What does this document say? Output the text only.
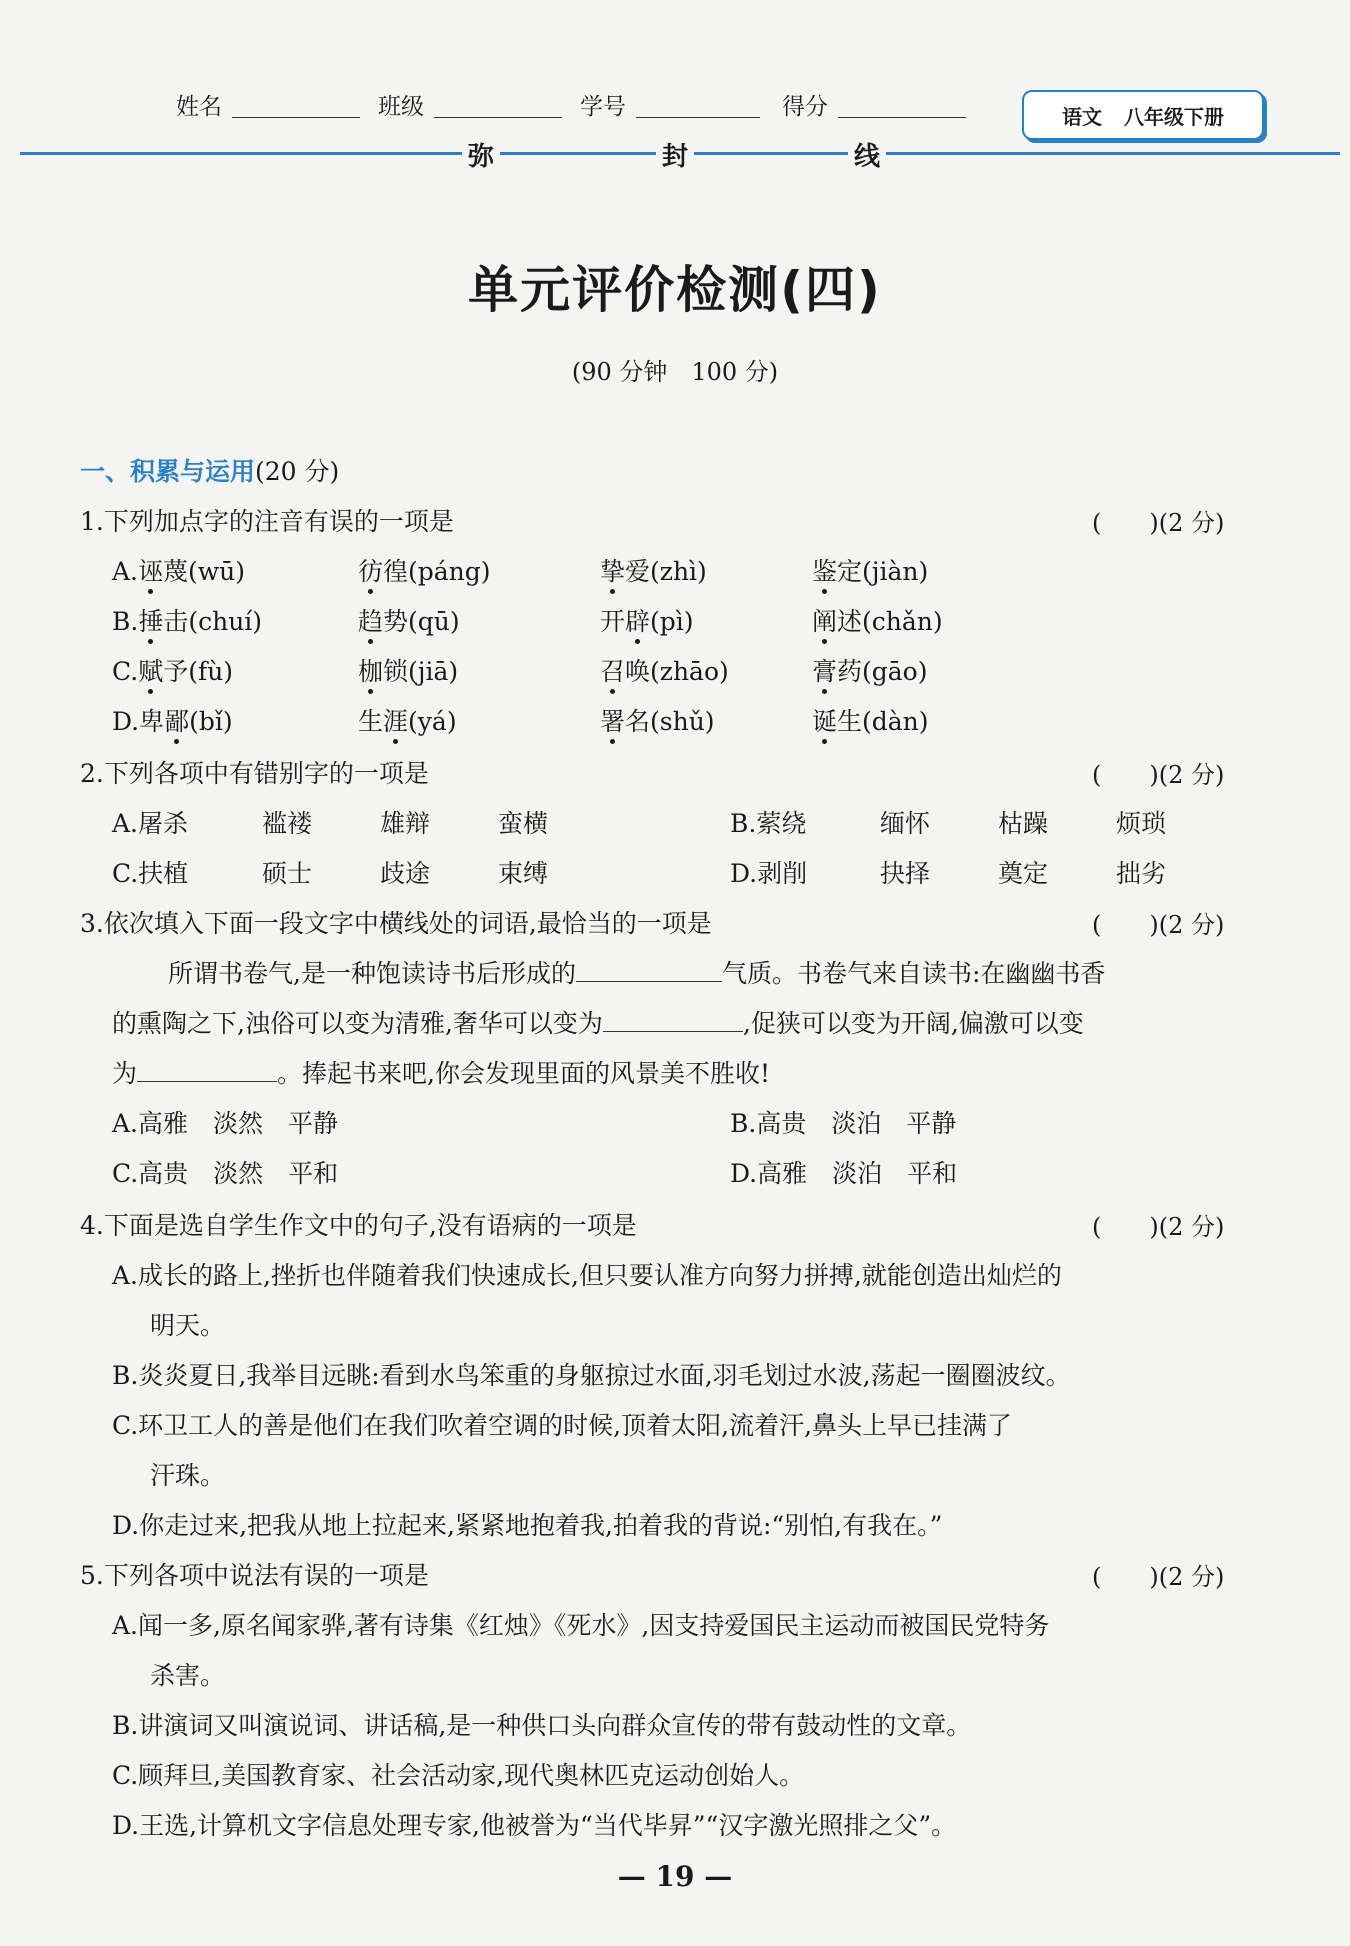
姓名	班级	学号	得分	语文 八年级下册
弥	封	线
单元评价检测(四)
(90 分钟　100 分)
一、积累与运用(20 分)
1.下列加点字的注音有误的一项是	(　　)(2 分)
A.诬蔑(wū)	彷徨(páng)	挚爱(zhì)	鉴定(jiàn)
B.捶击(chuí)	趋势(qū)	开辟(pì)	阐述(chǎn)
C.赋予(fù)	枷锁(jiā)	召唤(zhāo)	膏药(gāo)
D.卑鄙(bǐ)	生涯(yá)	署名(shǔ)	诞生(dàn)
2.下列各项中有错别字的一项是	(　　)(2 分)
A.屠杀	褴褛	雄辩	蛮横	B.萦绕	缅怀	枯躁	烦琐
C.扶植	硕士	歧途	束缚	D.剥削	抉择	奠定	拙劣
3.依次填入下面一段文字中横线处的词语,最恰当的一项是	(　　)(2 分)
所谓书卷气,是一种饱读诗书后形成的	气质。书卷气来自读书:在幽幽书香
的熏陶之下,浊俗可以变为清雅,奢华可以变为	,促狭可以变为开阔,偏激可以变
为	。捧起书来吧,你会发现里面的风景美不胜收!
A.高雅　淡然　平静	B.高贵　淡泊　平静
C.高贵　淡然　平和	D.高雅　淡泊　平和
4.下面是选自学生作文中的句子,没有语病的一项是	(　　)(2 分)
A.成长的路上,挫折也伴随着我们快速成长,但只要认准方向努力拼搏,就能创造出灿烂的
明天。
B.炎炎夏日,我举目远眺:看到水鸟笨重的身躯掠过水面,羽毛划过水波,荡起一圈圈波纹。
C.环卫工人的善是他们在我们吹着空调的时候,顶着太阳,流着汗,鼻头上早已挂满了
汗珠。
D.你走过来,把我从地上拉起来,紧紧地抱着我,拍着我的背说:“别怕,有我在。”
5.下列各项中说法有误的一项是	(　　)(2 分)
A.闻一多,原名闻家骅,著有诗集《红烛》《死水》,因支持爱国民主运动而被国民党特务
杀害。
B.讲演词又叫演说词、讲话稿,是一种供口头向群众宣传的带有鼓动性的文章。
C.顾拜旦,美国教育家、社会活动家,现代奥林匹克运动创始人。
D.王选,计算机文字信息处理专家,他被誉为“当代毕昇”“汉字激光照排之父”。
— 19 —
